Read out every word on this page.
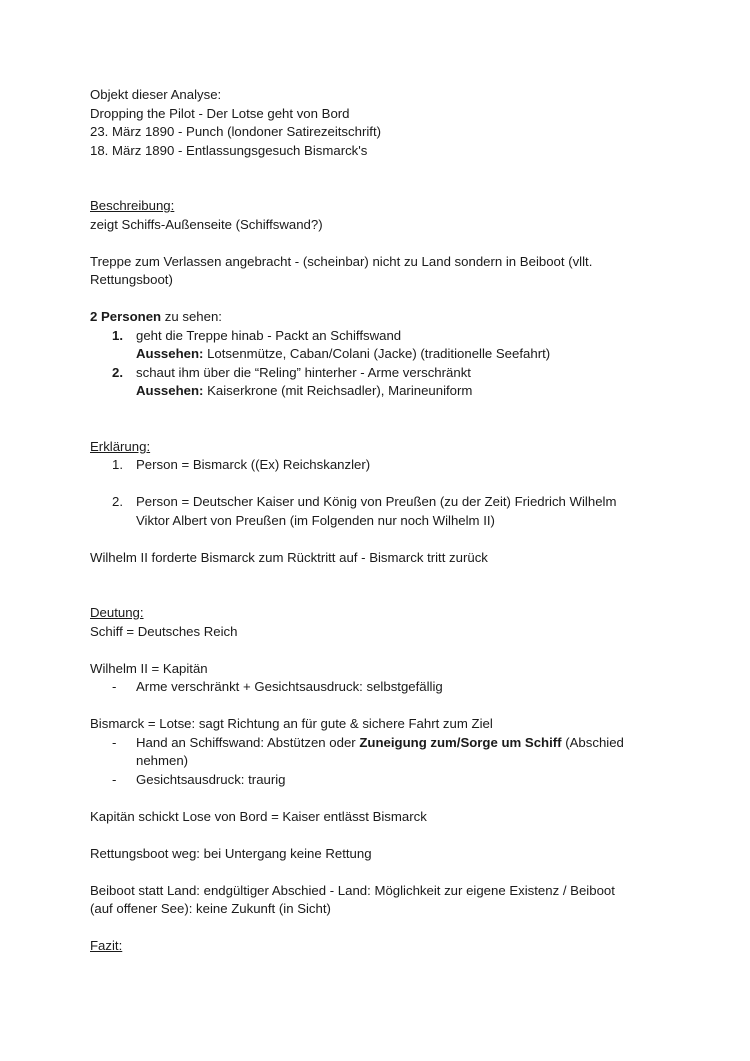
Objekt dieser Analyse:
Dropping the Pilot - Der Lotse geht von Bord
23. März 1890 - Punch (londoner Satirezeitschrift)
18. März 1890 - Entlassungsgesuch Bismarck's
Beschreibung:
zeigt Schiffs-Außenseite (Schiffswand?)
Treppe zum Verlassen angebracht - (scheinbar) nicht zu Land sondern in Beiboot (vllt.
Rettungsboot)
2 Personen zu sehen:
1. geht die Treppe hinab - Packt an Schiffswand
Aussehen: Lotsenmütze, Caban/Colani (Jacke) (traditionelle Seefahrt)
2. schaut ihm über die “Reling” hinterher - Arme verschränkt
Aussehen: Kaiserkrone (mit Reichsadler), Marineuniform
Erklärung:
1. Person = Bismarck ((Ex) Reichskanzler)
2. Person = Deutscher Kaiser und König von Preußen (zu der Zeit) Friedrich Wilhelm
Viktor Albert von Preußen (im Folgenden nur noch Wilhelm II)
Wilhelm II forderte Bismarck zum Rücktritt auf - Bismarck tritt zurück
Deutung:
Schiff = Deutsches Reich
Wilhelm II = Kapitän
- Arme verschränkt + Gesichtsausdruck: selbstgefällig
Bismarck = Lotse: sagt Richtung an für gute & sichere Fahrt zum Ziel
- Hand an Schiffswand: Abstützen oder Zuneigung zum/Sorge um Schiff (Abschied
nehmen)
- Gesichtsausdruck: traurig
Kapitän schickt Lose von Bord = Kaiser entlässt Bismarck
Rettungsboot weg: bei Untergang keine Rettung
Beiboot statt Land: endgültiger Abschied - Land: Möglichkeit zur eigene Existenz / Beiboot
(auf offener See): keine Zukunft (in Sicht)
Fazit:
